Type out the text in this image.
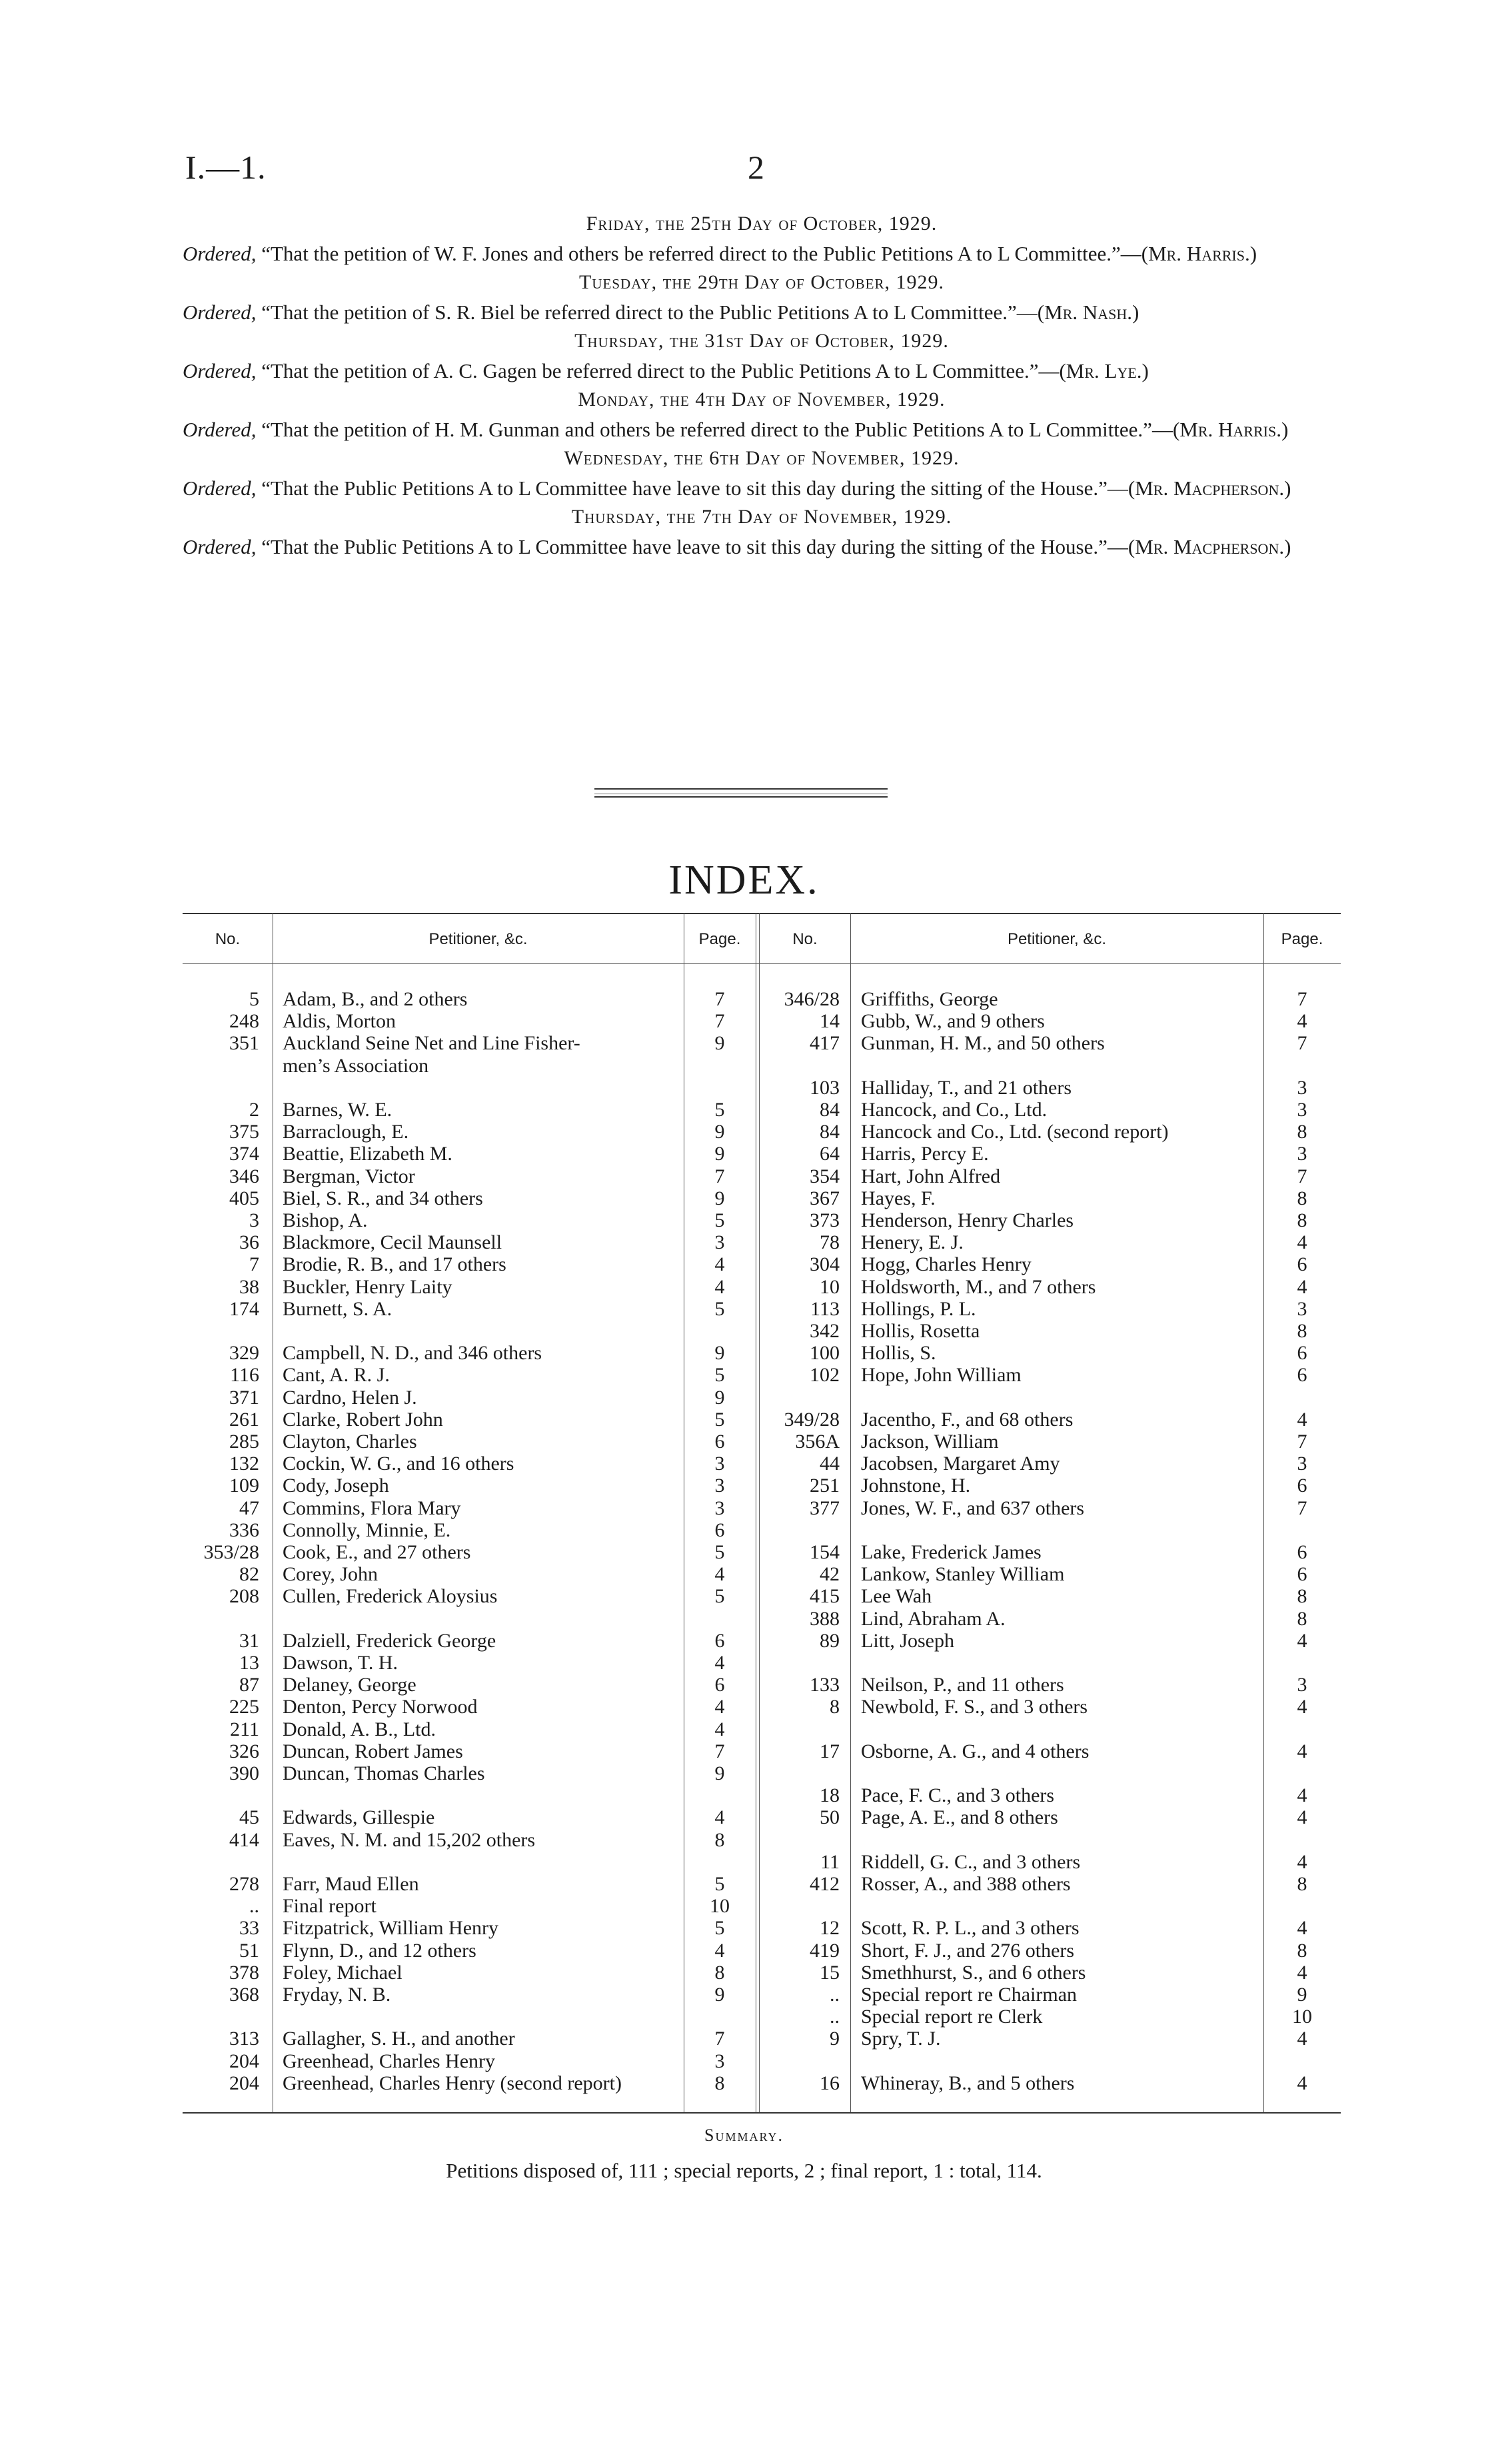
I.—1.	2
Friday, the 25th Day of October, 1929.
Ordered, “That the petition of W. F. Jones and others be referred direct to the Public Petitions A to L Committee.”—(Mr. Harris.)
Tuesday, the 29th Day of October, 1929.
Ordered, “That the petition of S. R. Biel be referred direct to the Public Petitions A to L Committee.”—(Mr. Nash.)
Thursday, the 31st Day of October, 1929.
Ordered, “That the petition of A. C. Gagen be referred direct to the Public Petitions A to L Committee.”—(Mr. Lye.)
Monday, the 4th Day of November, 1929.
Ordered, “That the petition of H. M. Gunman and others be referred direct to the Public Petitions A to L Committee.”—(Mr. Harris.)
Wednesday, the 6th Day of November, 1929.
Ordered, “That the Public Petitions A to L Committee have leave to sit this day during the sitting of the House.”—(Mr. Macpherson.)
Thursday, the 7th Day of November, 1929.
Ordered, “That the Public Petitions A to L Committee have leave to sit this day during the sitting of the House.”—(Mr. Macpherson.)
INDEX.
No.	Petitioner, &c.	Page.	No.	Petitioner, &c.	Page.
5 Adam, B., and 2 others	7
248 Aldis, Morton	7
351 Auckland Seine Net and Line Fisher-	9
men’s Association
2 Barnes, W. E.	5
375 Barraclough, E.	9
374 Beattie, Elizabeth M.	9
346 Bergman, Victor	7
405 Biel, S. R., and 34 others	9
3 Bishop, A.	5
36 Blackmore, Cecil Maunsell	3
7 Brodie, R. B., and 17 others	4
38 Buckler, Henry Laity	4
174 Burnett, S. A.	5
329 Campbell, N. D., and 346 others	9
116 Cant, A. R. J.	5
371 Cardno, Helen J.	9
261 Clarke, Robert John	5
285 Clayton, Charles	6
132 Cockin, W. G., and 16 others	3
109 Cody, Joseph	3
47 Commins, Flora Mary	3
336 Connolly, Minnie, E.	6
353/28 Cook, E., and 27 others	5
82 Corey, John	4
208 Cullen, Frederick Aloysius	5
31 Dalziell, Frederick George	6
13 Dawson, T. H.	4
87 Delaney, George	6
225 Denton, Percy Norwood	4
211 Donald, A. B., Ltd.	4
326 Duncan, Robert James	7
390 Duncan, Thomas Charles	9
45 Edwards, Gillespie	4
414 Eaves, N. M. and 15,202 others	8
278 Farr, Maud Ellen	5
.. Final report	10
33 Fitzpatrick, William Henry	5
51 Flynn, D., and 12 others	4
378 Foley, Michael	8
368 Fryday, N. B.	9
313 Gallagher, S. H., and another	7
204 Greenhead, Charles Henry	3
204 Greenhead, Charles Henry (second report)	8
346/28 Griffiths, George	7
14 Gubb, W., and 9 others	4
417 Gunman, H. M., and 50 others	7
103 Halliday, T., and 21 others	3
84 Hancock, and Co., Ltd.	3
84 Hancock and Co., Ltd. (second report)	8
64 Harris, Percy E.	3
354 Hart, John Alfred	7
367 Hayes, F.	8
373 Henderson, Henry Charles	8
78 Henery, E. J.	4
304 Hogg, Charles Henry	6
10 Holdsworth, M., and 7 others	4
113 Hollings, P. L.	3
342 Hollis, Rosetta	8
100 Hollis, S.	6
102 Hope, John William	6
349/28 Jacentho, F., and 68 others	4
356A Jackson, William	7
44 Jacobsen, Margaret Amy	3
251 Johnstone, H.	6
377 Jones, W. F., and 637 others	7
154 Lake, Frederick James	6
42 Lankow, Stanley William	6
415 Lee Wah	8
388 Lind, Abraham A.	8
89 Litt, Joseph	4
133 Neilson, P., and 11 others	3
8 Newbold, F. S., and 3 others	4
17 Osborne, A. G., and 4 others	4
18 Pace, F. C., and 3 others	4
50 Page, A. E., and 8 others	4
11 Riddell, G. C., and 3 others	4
412 Rosser, A., and 388 others	8
12 Scott, R. P. L., and 3 others	4
419 Short, F. J., and 276 others	8
15 Smethhurst, S., and 6 others	4
.. Special report re Chairman	9
.. Special report re Clerk	10
9 Spry, T. J.	4
16 Whineray, B., and 5 others	4
Summary.
Petitions disposed of, 111 ; special reports, 2 ; final report, 1 : total, 114.
